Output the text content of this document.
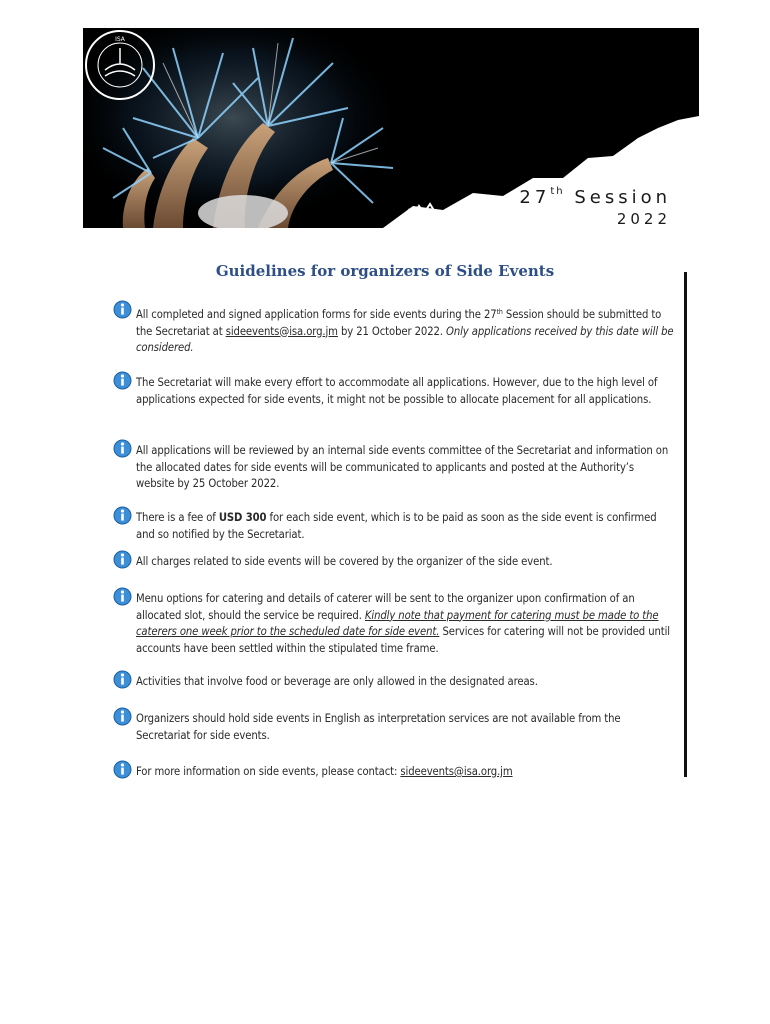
ISA
27th Session
2022
Guidelines for organizers of Side Events
All completed and signed application forms for side events during the 27th Session should be submitted to the Secretariat at sideevents@isa.org.jm by 21 October 2022. Only applications received by this date will be considered.
The Secretariat will make every effort to accommodate all applications. However, due to the high level of applications expected for side events, it might not be possible to allocate placement for all applications.
All applications will be reviewed by an internal side events committee of the Secretariat and information on the allocated dates for side events will be communicated to applicants and posted at the Authority’s website by 25 October 2022.
There is a fee of USD 300 for each side event, which is to be paid as soon as the side event is confirmed and so notified by the Secretariat.
All charges related to side events will be covered by the organizer of the side event.
Menu options for catering and details of caterer will be sent to the organizer upon confirmation of an allocated slot, should the service be required. Kindly note that payment for catering must be made to the caterers one week prior to the scheduled date for side event. Services for catering will not be provided until accounts have been settled within the stipulated time frame.
Activities that involve food or beverage are only allowed in the designated areas.
Organizers should hold side events in English as interpretation services are not available from the Secretariat for side events.
For more information on side events, please contact: sideevents@isa.org.jm
